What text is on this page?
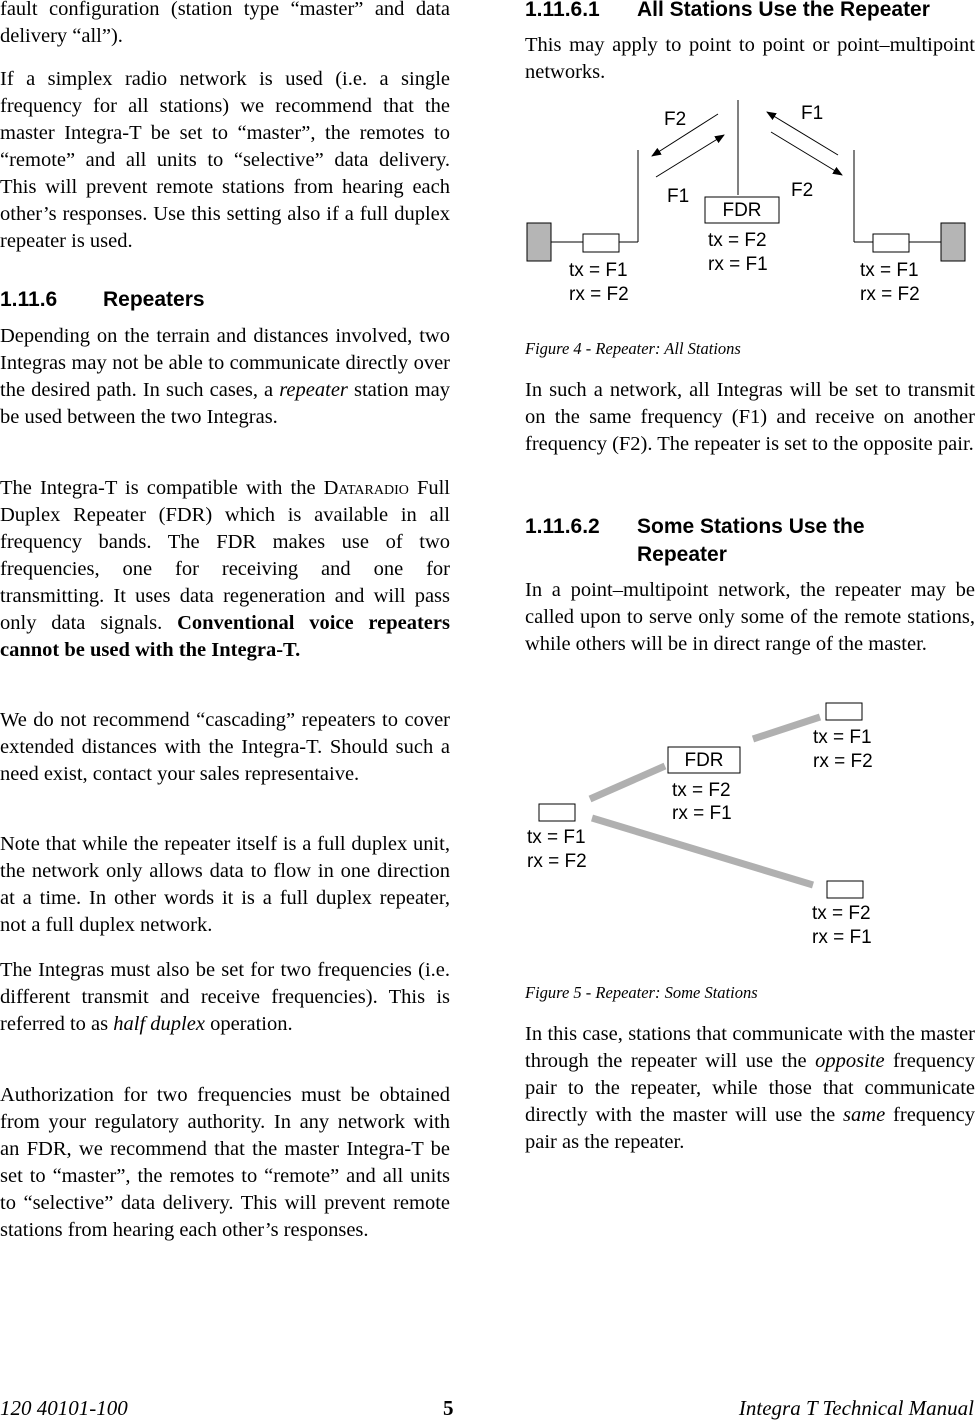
fault configuration (station type “master” and data delivery “all”).

If a simplex radio network is used (i.e. a single frequency for all stations) we recommend that the master Integra-T be set to “master”, the remotes to “remote” and all units to “selective” data delivery. This will prevent remote stations from hearing each other’s responses. Use this setting also if a full duplex repeater is used.

1.11.6 Repeaters

Depending on the terrain and distances involved, two Integras may not be able to communicate directly over the desired path. In such cases, a repeater station may be used between the two Integras.

The Integra-T is compatible with the Dataradio Full Duplex Repeater (FDR) which is available in all frequency bands. The FDR makes use of two frequencies, one for receiving and one for transmitting. It uses data regeneration and will pass only data signals. Conventional voice repeaters cannot be used with the Integra-T.

We do not recommend “cascading” repeaters to cover extended distances with the Integra-T. Should such a need exist, contact your sales representaive.

Note that while the repeater itself is a full duplex unit, the network only allows data to flow in one direction at a time. In other words it is a full duplex repeater, not a full duplex network.

The Integras must also be set for two frequencies (i.e. different transmit and receive frequencies). This is referred to as half duplex operation.

Authorization for two frequencies must be obtained from your regulatory authority. In any network with an FDR, we recommend that the master Integra-T be set to “master”, the remotes to “remote” and all units to “selective” data delivery. This will prevent remote stations from hearing each other’s responses.

1.11.6.1 All Stations Use the Repeater

This may apply to point to point or point–multipoint networks.

FDR
tx = F2
rx = F1
F2	F1
F1	F2
tx = F1
rx = F2
tx = F1
rx = F2
Figure 4 - Repeater: All Stations

In such a network, all Integras will be set to transmit on the same frequency (F1) and receive on another frequency (F2). The repeater is set to the opposite pair.

1.11.6.2 Some Stations Use the
Repeater

In a point–multipoint network, the repeater may be called upon to serve only some of the remote stations, while others will be in direct range of the master.

FDR
tx = F2
rx = F1
tx = F1
rx = F2
tx = F1
rx = F2
tx = F2
rx = F1
Figure 5 - Repeater: Some Stations

In this case, stations that communicate with the master through the repeater will use the opposite frequency pair to the repeater, while those that communicate directly with the master will use the same frequency pair as the repeater.

120 40101-100	5	Integra T Technical Manual
